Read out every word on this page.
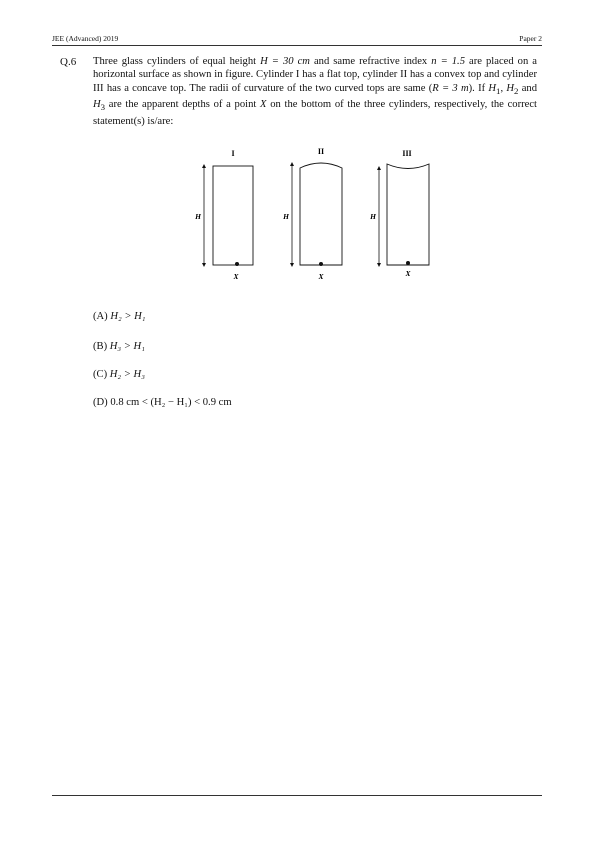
JEE (Advanced) 2019	Paper 2
Q.6 Three glass cylinders of equal height H = 30 cm and same refractive index n = 1.5 are placed on a horizontal surface as shown in figure. Cylinder I has a flat top, cylinder II has a convex top and cylinder III has a concave top. The radii of curvature of the two curved tops are same (R = 3 m). If $H_1$, $H_2$ and $H_3$ are the apparent depths of a point X on the bottom of the three cylinders, respectively, the correct statement(s) is/are:
I
H
X
II
H
X
III
H
X
(A) H₂ > H₁
(B) H₃ > H₁
(C) H₂ > H₃
(D) 0.8 cm < (H₂ − H₁) < 0.9 cm
